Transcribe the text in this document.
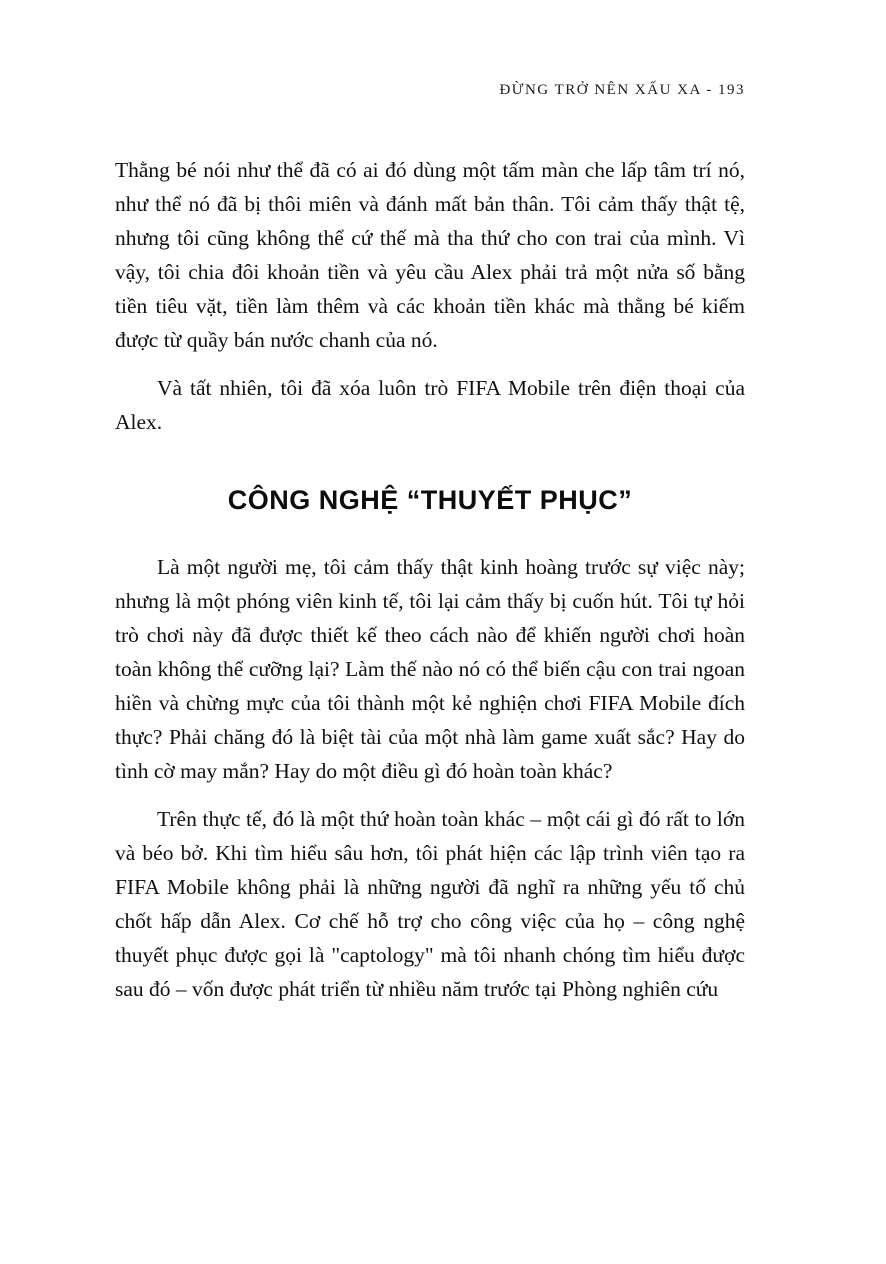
ĐỪNG TRỞ NÊN XẤU XA - 193

Thằng bé nói như thể đã có ai đó dùng một tấm màn che lấp tâm trí nó, như thể nó đã bị thôi miên và đánh mất bản thân. Tôi cảm thấy thật tệ, nhưng tôi cũng không thể cứ thế mà tha thứ cho con trai của mình. Vì vậy, tôi chia đôi khoản tiền và yêu cầu Alex phải trả một nửa số bằng tiền tiêu vặt, tiền làm thêm và các khoản tiền khác mà thằng bé kiếm được từ quầy bán nước chanh của nó.

Và tất nhiên, tôi đã xóa luôn trò FIFA Mobile trên điện thoại của Alex.

CÔNG NGHỆ “THUYẾT PHỤC”

Là một người mẹ, tôi cảm thấy thật kinh hoàng trước sự việc này; nhưng là một phóng viên kinh tế, tôi lại cảm thấy bị cuốn hút. Tôi tự hỏi trò chơi này đã được thiết kế theo cách nào để khiến người chơi hoàn toàn không thể cưỡng lại? Làm thế nào nó có thể biến cậu con trai ngoan hiền và chừng mực của tôi thành một kẻ nghiện chơi FIFA Mobile đích thực? Phải chăng đó là biệt tài của một nhà làm game xuất sắc? Hay do tình cờ may mắn? Hay do một điều gì đó hoàn toàn khác?

Trên thực tế, đó là một thứ hoàn toàn khác – một cái gì đó rất to lớn và béo bở. Khi tìm hiểu sâu hơn, tôi phát hiện các lập trình viên tạo ra FIFA Mobile không phải là những người đã nghĩ ra những yếu tố chủ chốt hấp dẫn Alex. Cơ chế hỗ trợ cho công việc của họ – công nghệ thuyết phục được gọi là "captology" mà tôi nhanh chóng tìm hiểu được sau đó – vốn được phát triển từ nhiều năm trước tại Phòng nghiên cứu
